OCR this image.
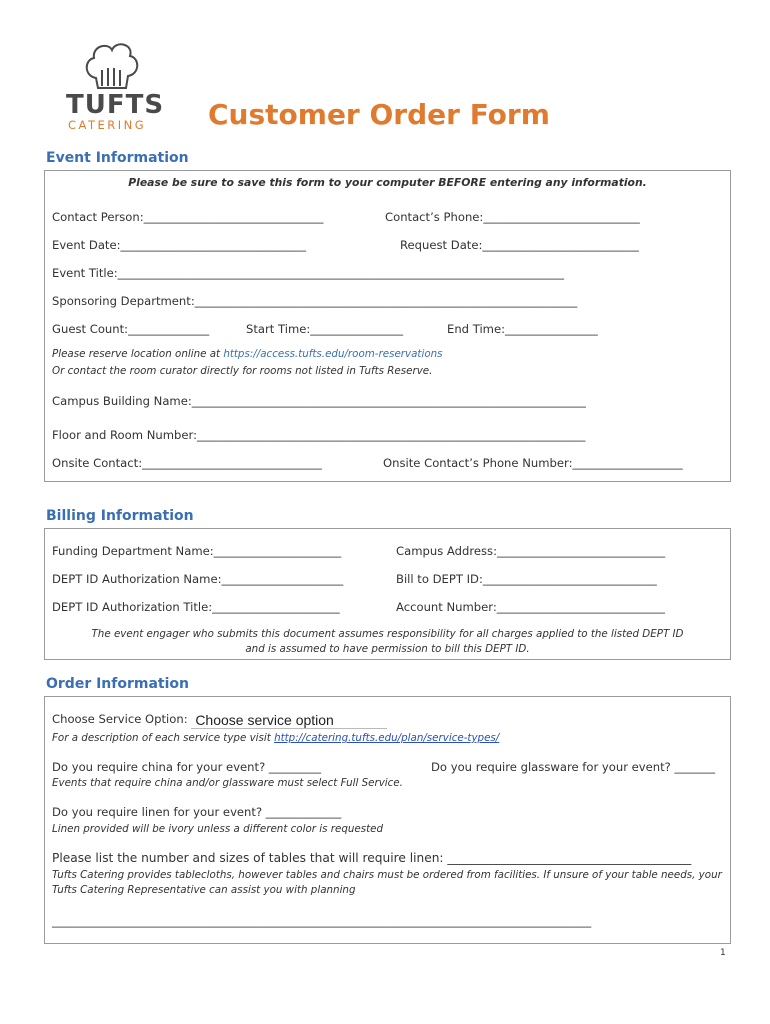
TUFTS
CATERING Customer Order Form
Event Information
Please be sure to save this form to your computer BEFORE entering any information.
Contact Person:_______________________________	Contact’s Phone:___________________________
Event Date:________________________________	Request Date:___________________________
Event Title:_____________________________________________________________________________
Sponsoring Department:__________________________________________________________________
Guest Count:______________	Start Time:________________	End Time:________________
Please reserve location online at https://access.tufts.edu/room-reservations
Or contact the room curator directly for rooms not listed in Tufts Reserve.
Campus Building Name:____________________________________________________________________
Floor and Room Number:___________________________________________________________________
Onsite Contact:_______________________________	Onsite Contact’s Phone Number:___________________
Billing Information
Funding Department Name:______________________	Campus Address:_____________________________
DEPT ID Authorization Name:_____________________	Bill to DEPT ID:______________________________
DEPT ID Authorization Title:______________________	Account Number:_____________________________
The event engager who submits this document assumes responsibility for all charges applied to the listed DEPT ID
and is assumed to have permission to bill this DEPT ID.
Order Information
Choose Service Option: Choose service option
For a description of each service type visit http://catering.tufts.edu/plan/service-types/
Do you require china for your event? _________	Do you require glassware for your event? _______
Events that require china and/or glassware must select Full Service.
Do you require linen for your event? _____________
Linen provided will be ivory unless a different color is requested
Please list the number and sizes of tables that will require linen: ________________________________________
Tufts Catering provides tablecloths, however tables and chairs must be ordered from facilities. If unsure of your table needs, your
Tufts Catering Representative can assist you with planning
_____________________________________________________________________________________________
1
